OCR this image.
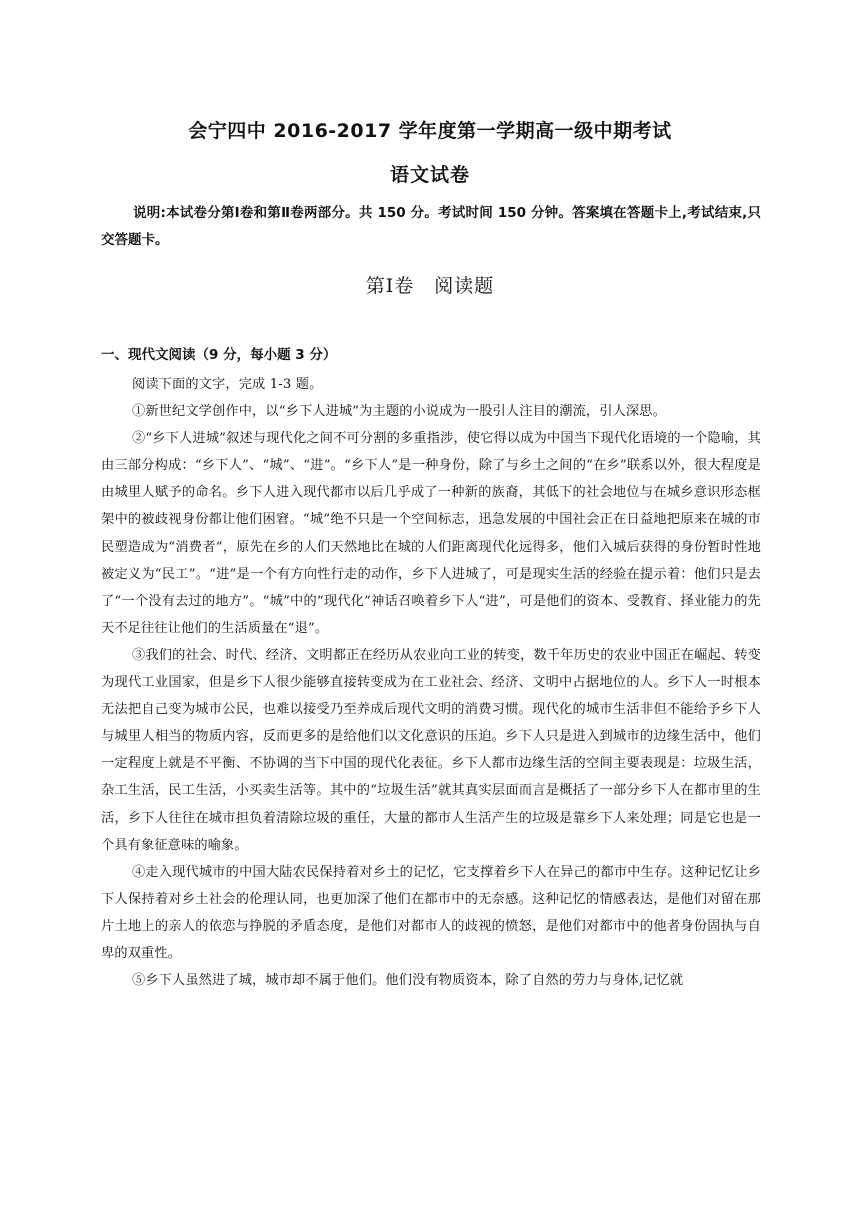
会宁四中 2016-2017 学年度第一学期高一级中期考试
语文试卷
说明:本试卷分第Ⅰ卷和第Ⅱ卷两部分。共 150 分。考试时间 150 分钟。答案填在答题卡上,考试结束,只交答题卡。
第Ⅰ卷　阅读题
一、现代文阅读（9 分，每小题 3 分）

阅读下面的文字，完成 1-3 题。

①新世纪文学创作中，以“乡下人进城”为主题的小说成为一股引人注目的潮流，引人深思。

②“乡下人进城”叙述与现代化之间不可分割的多重指涉，使它得以成为中国当下现代化语境的一个隐喻，其由三部分构成：“乡下人”、“城”、“进”。“乡下人”是一种身份，除了与乡土之间的“在乡”联系以外，很大程度是由城里人赋予的命名。乡下人进入现代都市以后几乎成了一种新的族裔，其低下的社会地位与在城乡意识形态框架中的被歧视身份都让他们困窘。“城”绝不只是一个空间标志，迅急发展的中国社会正在日益地把原来在城的市民塑造成为“消费者”，原先在乡的人们天然地比在城的人们距离现代化远得多，他们入城后获得的身份暂时性地被定义为“民工”。“进”是一个有方向性行走的动作，乡下人进城了，可是现实生活的经验在提示着：他们只是去了“一个没有去过的地方”。“城”中的“现代化”神话召唤着乡下人“进”，可是他们的资本、受教育、择业能力的先天不足往往让他们的生活质量在“退”。

③我们的社会、时代、经济、文明都正在经历从农业向工业的转变，数千年历史的农业中国正在崛起、转变为现代工业国家，但是乡下人很少能够直接转变成为在工业社会、经济、文明中占据地位的人。乡下人一时根本无法把自己变为城市公民，也难以接受乃至养成后现代文明的消费习惯。现代化的城市生活非但不能给予乡下人与城里人相当的物质内容，反而更多的是给他们以文化意识的压迫。乡下人只是进入到城市的边缘生活中，他们一定程度上就是不平衡、不协调的当下中国的现代化表征。乡下人都市边缘生活的空间主要表现是：垃圾生活，杂工生活，民工生活，小买卖生活等。其中的“垃圾生活”就其真实层面而言是概括了一部分乡下人在都市里的生活，乡下人往往在城市担负着清除垃圾的重任，大量的都市人生活产生的垃圾是靠乡下人来处理；同是它也是一个具有象征意味的喻象。

④走入现代城市的中国大陆农民保持着对乡土的记忆，它支撑着乡下人在异己的都市中生存。这种记忆让乡下人保持着对乡土社会的伦理认同，也更加深了他们在都市中的无奈感。这种记忆的情感表达，是他们对留在那片土地上的亲人的依恋与挣脱的矛盾态度，是他们对都市人的歧视的愤怒，是他们对都市中的他者身份固执与自卑的双重性。

⑤乡下人虽然进了城，城市却不属于他们。他们没有物质资本，除了自然的劳力与身体,记忆就
